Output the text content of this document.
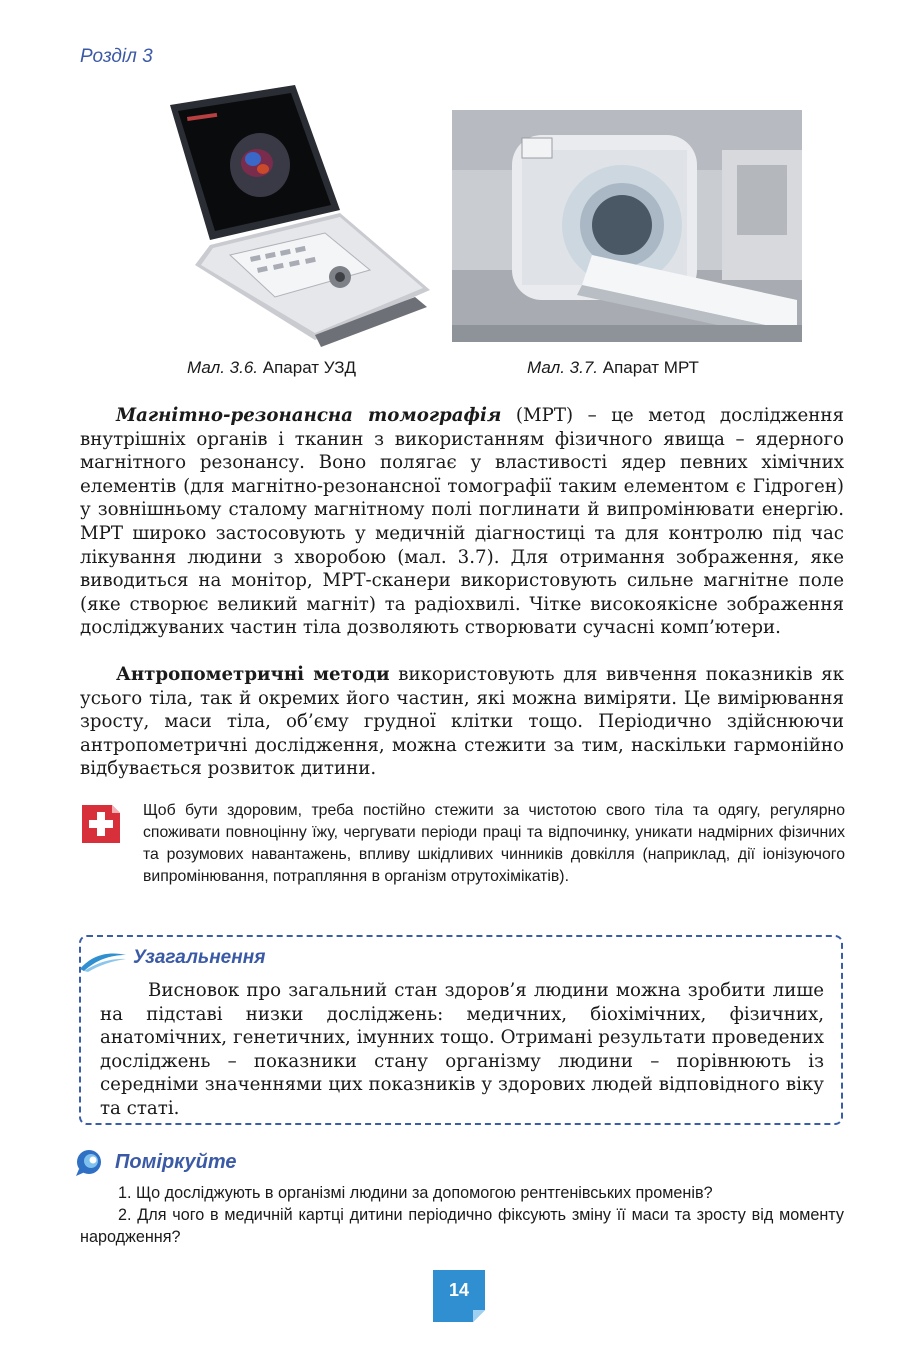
Розділ 3
Мал. 3.6. Апарат УЗД	Мал. 3.7. Апарат МРТ

Магнітно-резонансна томографія (МРТ) – це метод дослідження внутрішніх органів і тканин з використанням фізичного явища – ядерного магнітного резонансу. Воно полягає у властивості ядер певних хімічних елементів (для магнітно-резонансної томографії таким елементом є Гідроген) у зовнішньому сталому магнітному полі поглинати й випромінювати енергію. МРТ широко застосовують у медичній діагностиці та для контролю під час лікування людини з хворобою (мал. 3.7). Для отримання зображення, яке виводиться на монітор, МРТ-сканери використовують сильне магнітне поле (яке створює великий магніт) та радіохвилі. Чітке високоякісне зображення досліджуваних частин тіла дозволяють створювати сучасні комп’ютери.

Антропометричні методи використовують для вивчення показників як усього тіла, так й окремих його частин, які можна виміряти. Це вимірювання зросту, маси тіла, об’єму грудної клітки тощо. Періодично здійснюючи антропометричні дослідження, можна стежити за тим, наскільки гармонійно відбувається розвиток дитини.

Щоб бути здоровим, треба постійно стежити за чистотою свого тіла та одягу, регулярно споживати повноцінну їжу, чергувати періоди праці та відпочинку, уникати надмірних фізичних та розумових навантажень, впливу шкідливих чинників довкілля (наприклад, дії іонізуючого випромінювання, потрапляння в організм отрутохімікатів).
Узагальнення

Висновок про загальний стан здоров’я людини можна зробити лише на підставі низки досліджень: медичних, біохімічних, фізичних, анатомічних, генетичних, імунних тощо. Отримані результати проведених досліджень – показники стану організму людини – порівнюють із середніми значеннями цих показників у здорових людей відповідного віку та статі.

Поміркуйте

1. Що досліджують в організмі людини за допомогою рентгенівських променів?

2. Для чого в медичній картці дитини періодично фіксують зміну її маси та зросту від моменту народження?

14
